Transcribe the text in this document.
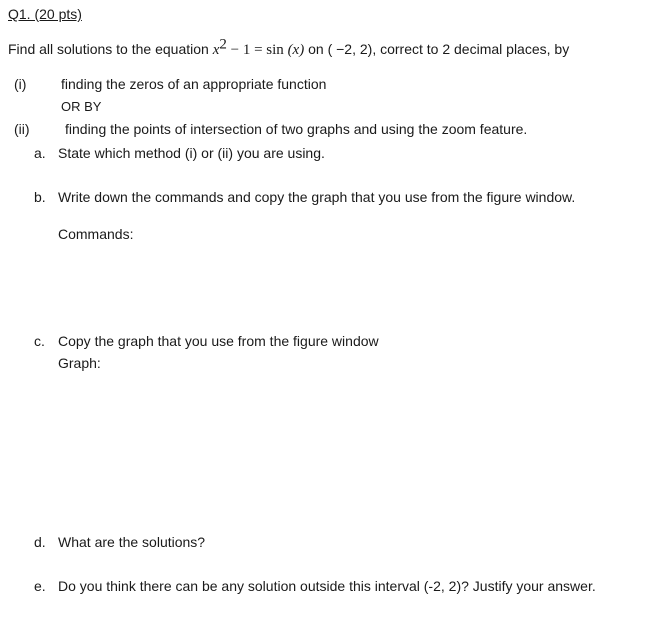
Q1. (20 pts)
Find all solutions to the equation $x^2 - 1 = \sin (x)$ on ( −2, 2), correct to 2 decimal places, by
(i) finding the zeros of an appropriate function
OR BY
(ii)	finding the points of intersection of two graphs and using the zoom feature.
a. State which method (i) or (ii) you are using.
b. Write down the commands and copy the graph that you use from the figure window.
Commands:
c. Copy the graph that you use from the figure window
Graph:
d. What are the solutions?
e. Do you think there can be any solution outside this interval (-2, 2)? Justify your answer.
